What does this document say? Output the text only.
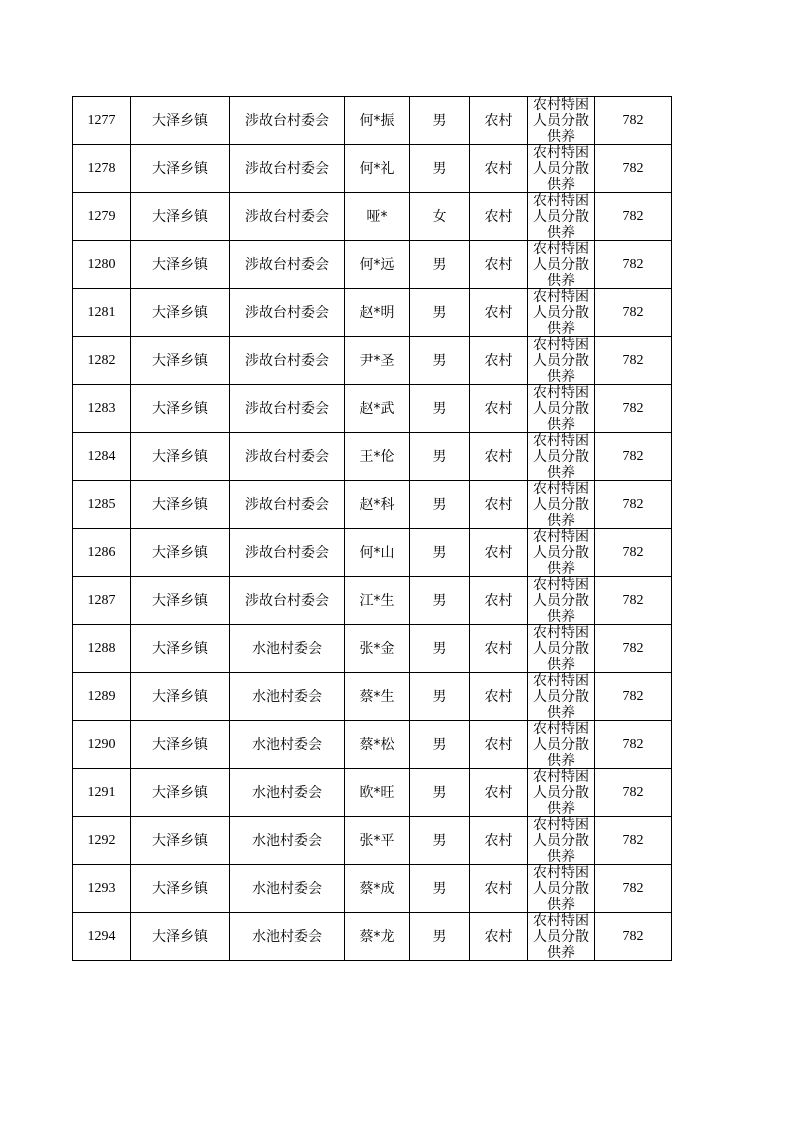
1277	大泽乡镇	涉故台村委会	何*振	男	农村	农村特困人员分散供养	782
1278	大泽乡镇	涉故台村委会	何*礼	男	农村	农村特困人员分散供养	782
1279	大泽乡镇	涉故台村委会	哑*	女	农村	农村特困人员分散供养	782
1280	大泽乡镇	涉故台村委会	何*远	男	农村	农村特困人员分散供养	782
1281	大泽乡镇	涉故台村委会	赵*明	男	农村	农村特困人员分散供养	782
1282	大泽乡镇	涉故台村委会	尹*圣	男	农村	农村特困人员分散供养	782
1283	大泽乡镇	涉故台村委会	赵*武	男	农村	农村特困人员分散供养	782
1284	大泽乡镇	涉故台村委会	王*伦	男	农村	农村特困人员分散供养	782
1285	大泽乡镇	涉故台村委会	赵*科	男	农村	农村特困人员分散供养	782
1286	大泽乡镇	涉故台村委会	何*山	男	农村	农村特困人员分散供养	782
1287	大泽乡镇	涉故台村委会	江*生	男	农村	农村特困人员分散供养	782
1288	大泽乡镇	水池村委会	张*金	男	农村	农村特困人员分散供养	782
1289	大泽乡镇	水池村委会	蔡*生	男	农村	农村特困人员分散供养	782
1290	大泽乡镇	水池村委会	蔡*松	男	农村	农村特困人员分散供养	782
1291	大泽乡镇	水池村委会	欧*旺	男	农村	农村特困人员分散供养	782
1292	大泽乡镇	水池村委会	张*平	男	农村	农村特困人员分散供养	782
1293	大泽乡镇	水池村委会	蔡*成	男	农村	农村特困人员分散供养	782
1294	大泽乡镇	水池村委会	蔡*龙	男	农村	农村特困人员分散供养	782
